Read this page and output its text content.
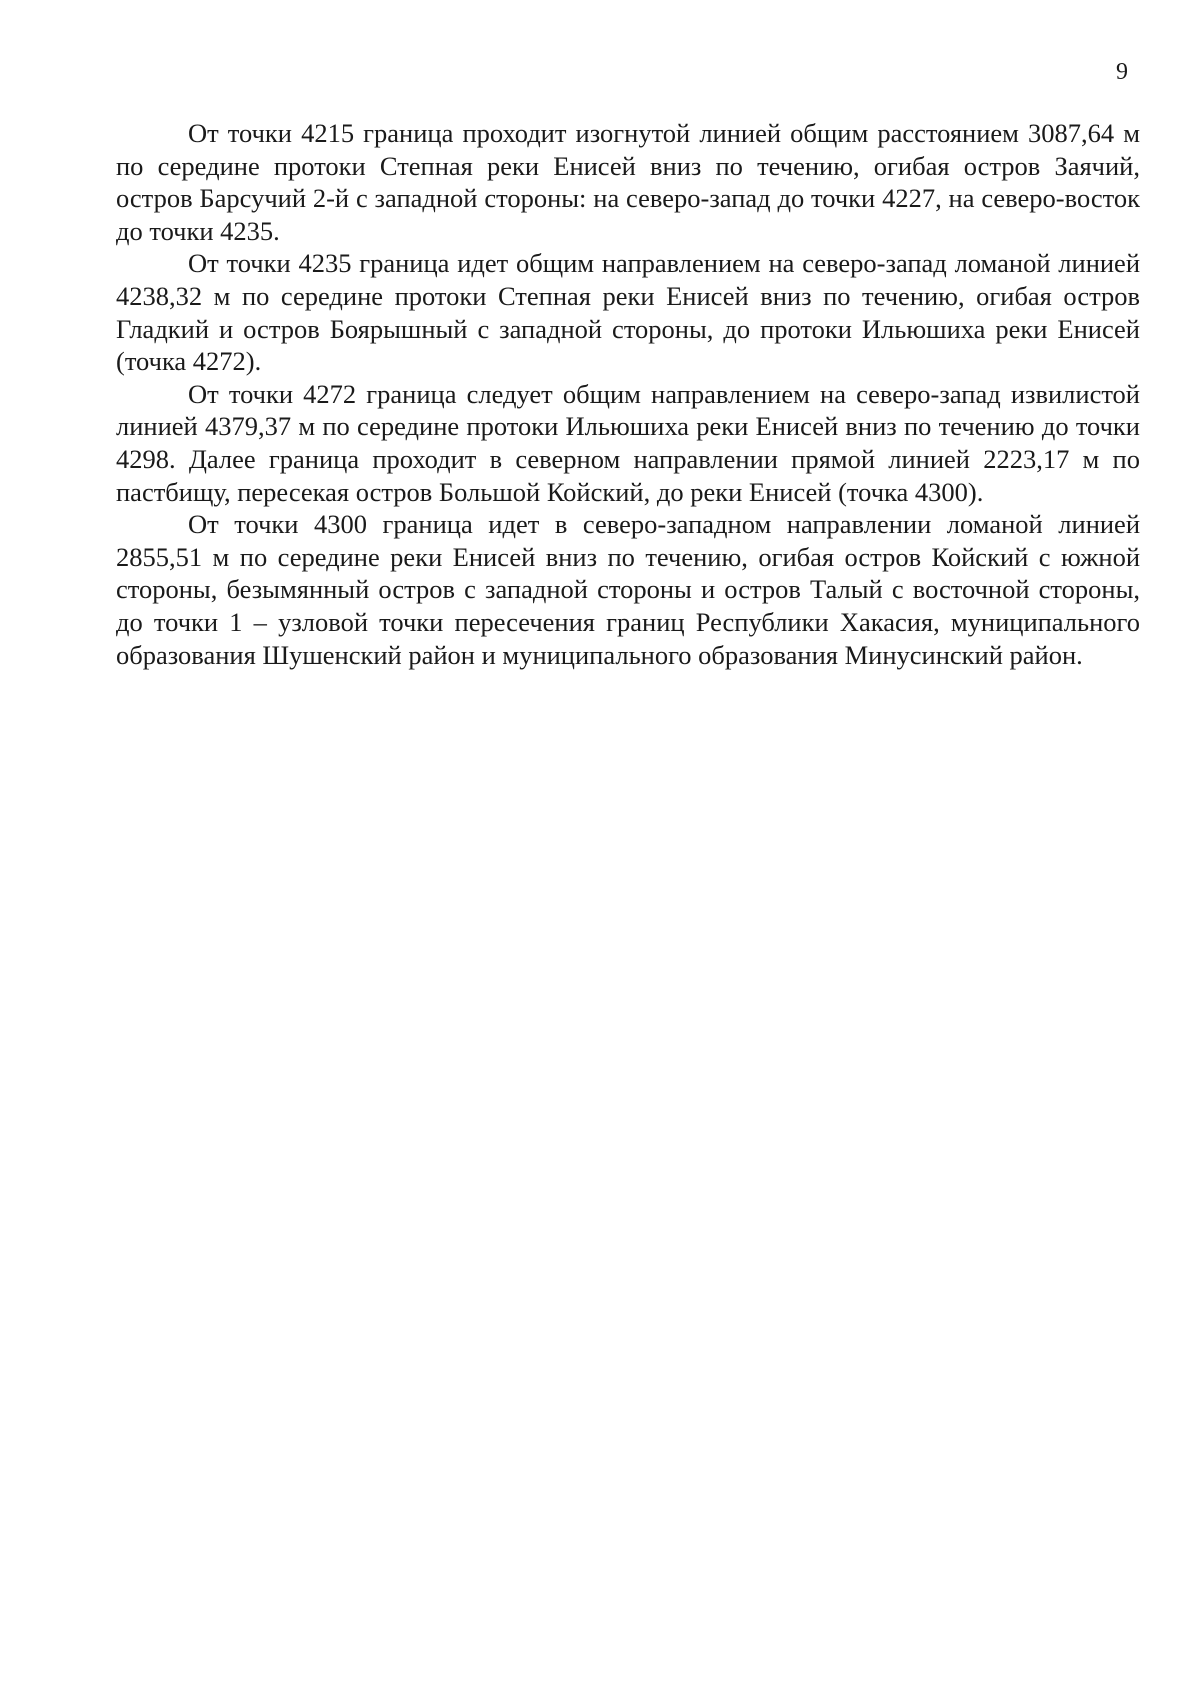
9

От точки 4215 граница проходит изогнутой линией общим расстоянием 3087,64 м по середине протоки Степная реки Енисей вниз по течению, огибая остров Заячий, остров Барсучий 2-й с западной стороны: на северо-запад до точки 4227, на северо-восток до точки 4235.

От точки 4235 граница идет общим направлением на северо-запад ломаной линией 4238,32 м по середине протоки Степная реки Енисей вниз по течению, огибая остров Гладкий и остров Боярышный с западной стороны, до протоки Ильюшиха реки Енисей (точка 4272).

От точки 4272 граница следует общим направлением на северо-запад извилистой линией 4379,37 м по середине протоки Ильюшиха реки Енисей вниз по течению до точки 4298. Далее граница проходит в северном направлении прямой линией 2223,17 м по пастбищу, пересекая остров Большой Койский, до реки Енисей (точка 4300).

От точки 4300 граница идет в северо-западном направлении ломаной линией 2855,51 м по середине реки Енисей вниз по течению, огибая остров Койский с южной стороны, безымянный остров с западной стороны и остров Талый с восточной стороны, до точки 1 – узловой точки пересечения границ Республики Хакасия, муниципального образования Шушенский район и муниципального образования Минусинский район.
